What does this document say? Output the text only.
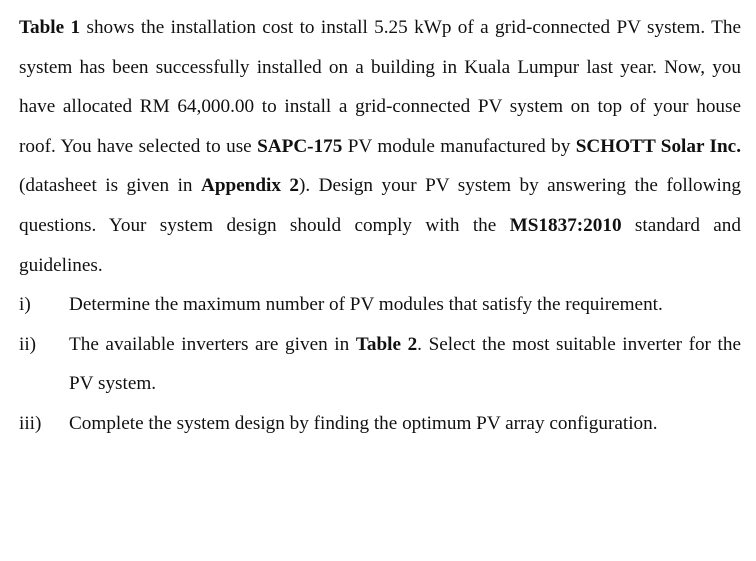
Table 1 shows the installation cost to install 5.25 kWp of a grid-connected PV system. The system has been successfully installed on a building in Kuala Lumpur last year. Now, you have allocated RM 64,000.00 to install a grid-connected PV system on top of your house roof. You have selected to use SAPC-175 PV module manufactured by SCHOTT Solar Inc. (datasheet is given in Appendix 2). Design your PV system by answering the following questions. Your system design should comply with the MS1837:2010 standard and guidelines.

i)	Determine the maximum number of PV modules that satisfy the requirement.
ii)	The available inverters are given in Table 2. Select the most suitable inverter for the PV system.
iii)	Complete the system design by finding the optimum PV array configuration.
